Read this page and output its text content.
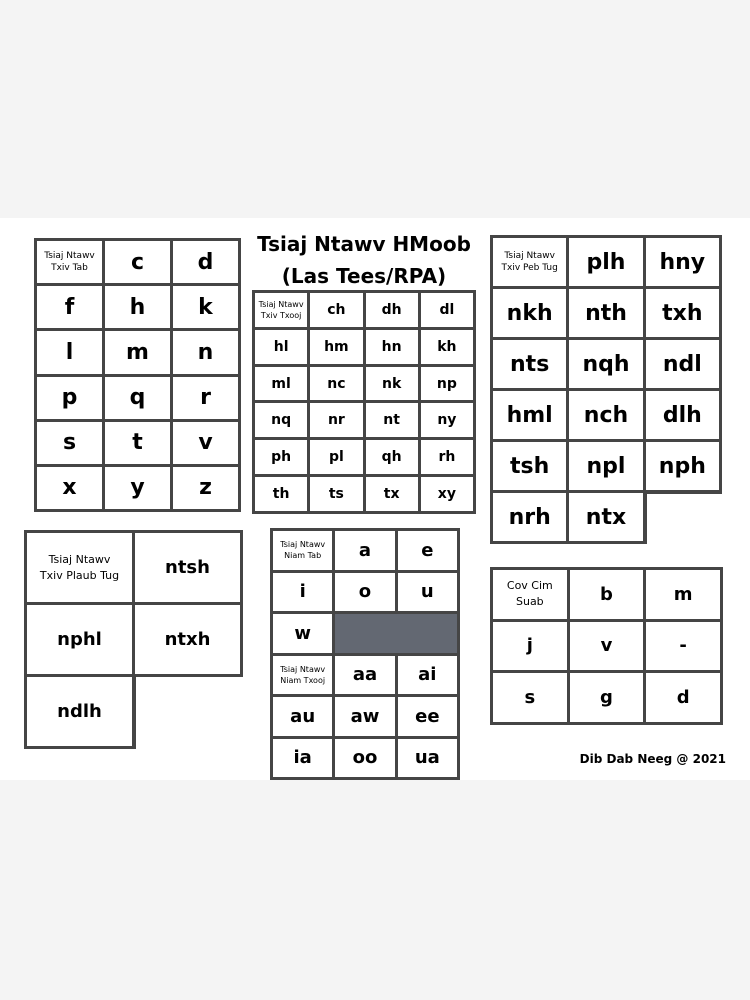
Tsiaj Ntawv HMoob
(Las Tees/RPA)
Tsiaj Ntawv
Txiv Tab	c	d
f	h	k
l	m	n
p	q	r
s	t	v
x	y	z
Tsiaj Ntawv
Txiv Txooj	ch	dh	dl
hl	hm	hn	kh
ml	nc	nk	np
nq	nr	nt	ny
ph	pl	qh	rh
th	ts	tx	xy
Tsiaj Ntawv
Txiv Peb Tug	plh	hny
nkh	nth	txh
nts	nqh	ndl
hml	nch	dlh
tsh	npl	nph
nrh	ntx
Tsiaj Ntawv
Txiv Plaub Tug	ntsh
nphl	ntxh
ndlh
Tsiaj Ntawv
Niam Tab	a	e
i	o	u
w
Tsiaj Ntawv
Niam Txooj	aa	ai
au	aw	ee
ia	oo	ua
Cov Cim
Suab	b	m
j	v	-
s	g	d
Dib Dab Neeg @ 2021
